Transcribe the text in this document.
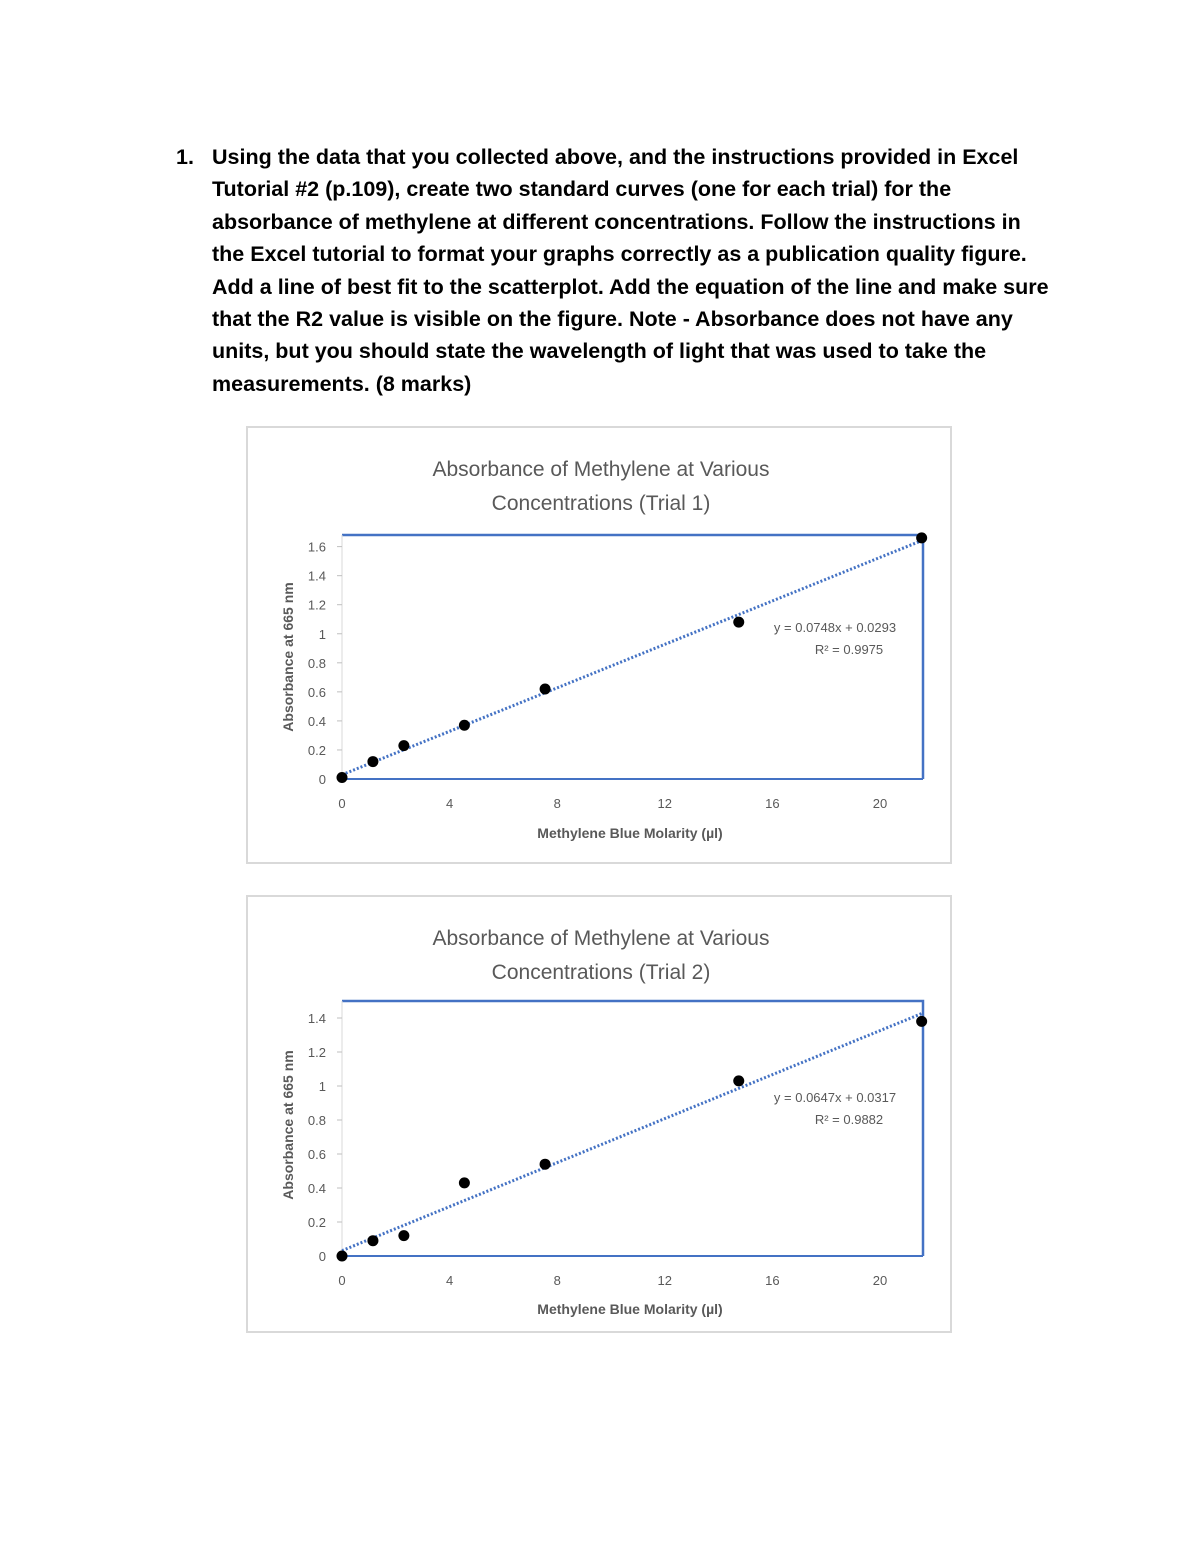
1. Using the data that you collected above, and the instructions provided in Excel Tutorial #2 (p.109), create two standard curves (one for each trial) for the absorbance of methylene at different concentrations. Follow the instructions in the Excel tutorial to format your graphs correctly as a publication quality figure. Add a line of best fit to the scatterplot. Add the equation of the line and make sure that the R2 value is visible on the figure. Note - Absorbance does not have any units, but you should state the wavelength of light that was used to take the measurements. (8 marks)
Absorbance of Methylene at Various
Concentrations (Trial 1)
0
0.2
0.4
0.6
0.8
1
1.2
1.4
1.6
0	4	8	12	16	20
Methylene Blue Molarity (µl)
Absorbance at 665 nm	y = 0.0748x + 0.0293
R² = 0.9975
Absorbance of Methylene at Various
Concentrations (Trial 2)
0
0.2
0.4
0.6
0.8
1
1.2
1.4
0	4	8	12	16	20
Methylene Blue Molarity (µl)
Absorbance at 665 nm	y = 0.0647x + 0.0317
R² = 0.9882
